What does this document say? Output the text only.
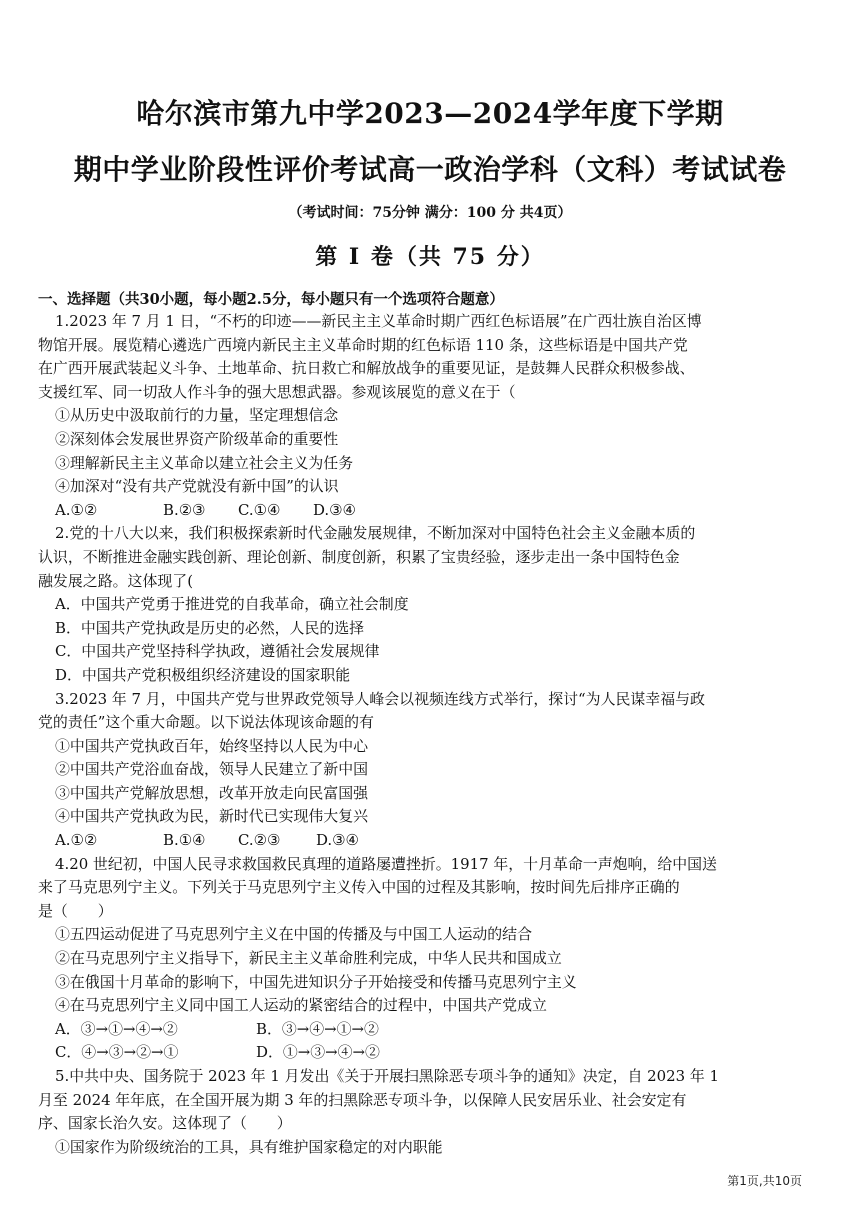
哈尔滨市第九中学2023—2024学年度下学期
期中学业阶段性评价考试高一政治学科（文科）考试试卷
（考试时间：75分钟 满分：100 分 共4页）
第 I 卷（共 75 分）
一、选择题（共30小题，每小题2.5分，每小题只有一个选项符合题意）
1.2023 年 7 月 1 日，“不朽的印迹——新民主主义革命时期广西红色标语展”在广西壮族自治区博
物馆开展。展览精心遴选广西境内新民主主义革命时期的红色标语 110 条，这些标语是中国共产党
在广西开展武装起义斗争、土地革命、抗日救亡和解放战争的重要见证，是鼓舞人民群众积极参战、
支援红军、同一切敌人作斗争的强大思想武器。参观该展览的意义在于（
①从历史中汲取前行的力量，坚定理想信念
②深刻体会发展世界资产阶级革命的重要性
③理解新民主主义革命以建立社会主义为任务
④加深对“没有共产党就没有新中国”的认识
A.①②	B.②③ C.①④ D.③④
2.党的十八大以来，我们积极探索新时代金融发展规律，不断加深对中国特色社会主义金融本质的
认识，不断推进金融实践创新、理论创新、制度创新，积累了宝贵经验，逐步走出一条中国特色金
融发展之路。这体现了(
A．中国共产党勇于推进党的自我革命，确立社会制度
B．中国共产党执政是历史的必然，人民的选择
C．中国共产党坚持科学执政，遵循社会发展规律
D．中国共产党积极组织经济建设的国家职能
3.2023 年 7 月，中国共产党与世界政党领导人峰会以视频连线方式举行，探讨“为人民谋幸福与政
党的责任”这个重大命题。以下说法体现该命题的有
①中国共产党执政百年，始终坚持以人民为中心
②中国共产党浴血奋战，领导人民建立了新中国
③中国共产党解放思想，改革开放走向民富国强
④中国共产党执政为民，新时代已实现伟大复兴
A.①②	B.①④ C.②③ D.③④
4.20 世纪初，中国人民寻求救国救民真理的道路屡遭挫折。1917 年，十月革命一声炮响，给中国送
来了马克思列宁主义。下列关于马克思列宁主义传入中国的过程及其影响，按时间先后排序正确的
是（　　）
①五四运动促进了马克思列宁主义在中国的传播及与中国工人运动的结合
②在马克思列宁主义指导下，新民主主义革命胜利完成，中华人民共和国成立
③在俄国十月革命的影响下，中国先进知识分子开始接受和传播马克思列宁主义
④在马克思列宁主义同中国工人运动的紧密结合的过程中，中国共产党成立
A．③→①→④→②	B．③→④→①→②
C．④→③→②→①	D．①→③→④→②
5.中共中央、国务院于 2023 年 1 月发出《关于开展扫黑除恶专项斗争的通知》决定，自 2023 年 1
月至 2024 年年底，在全国开展为期 3 年的扫黑除恶专项斗争，以保障人民安居乐业、社会安定有
序、国家长治久安。这体现了（　　）
①国家作为阶级统治的工具，具有维护国家稳定的对内职能
第1页,共10页
